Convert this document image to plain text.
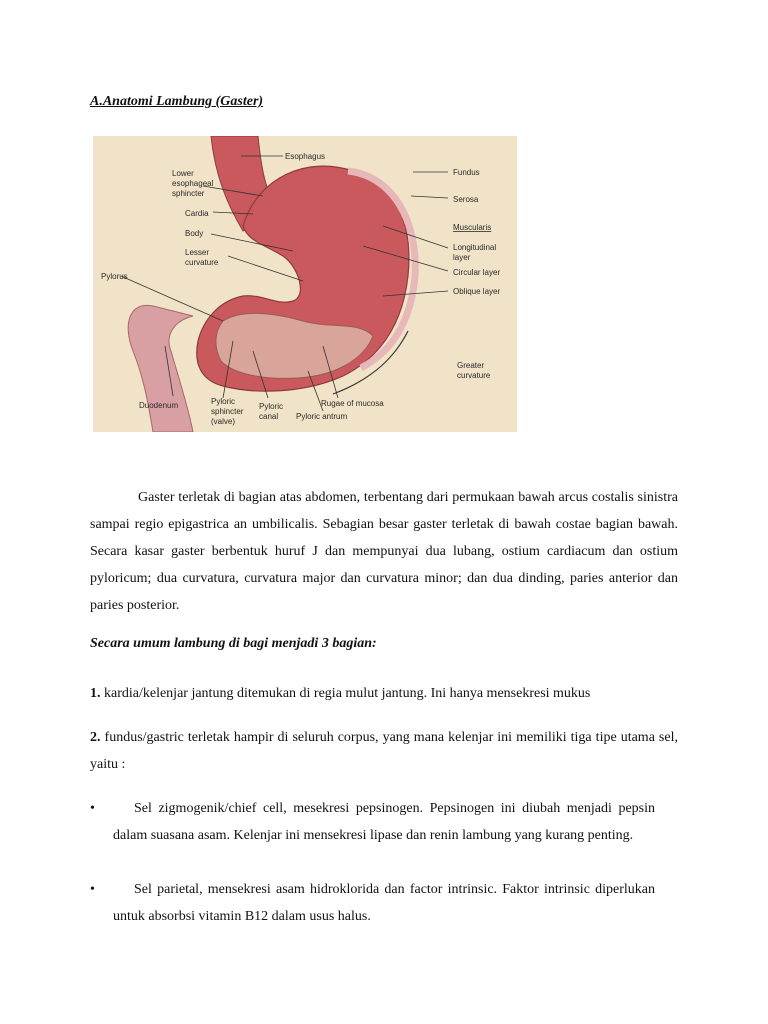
A.Anatomi Lambung (Gaster)
Esophagus
Lower
esophageal
sphincter
Cardia
Body
Lesser
curvature
Pylorus
Fundus
Serosa
Muscularis
Longitudinal
layer
Circular layer
Oblique layer
Greater
curvature
Duodenum	Pyloric
sphincter
(valve)
Pyloric
canal
Rugae of mucosa
Pyloric antrum
Gaster terletak di bagian atas abdomen, terbentang dari permukaan bawah arcus costalis sinistra sampai regio epigastrica an umbilicalis. Sebagian besar gaster terletak di bawah costae bagian bawah. Secara kasar gaster berbentuk huruf J dan mempunyai dua lubang, ostium cardiacum dan ostium pyloricum; dua curvatura, curvatura major dan curvatura minor; dan dua dinding, paries anterior dan paries posterior.
Secara umum lambung di bagi menjadi 3 bagian:
1. kardia/kelenjar jantung ditemukan di regia mulut jantung. Ini hanya mensekresi mukus
2. fundus/gastric terletak hampir di seluruh corpus, yang mana kelenjar ini memiliki tiga tipe utama sel, yaitu :
•	Sel zigmogenik/chief cell, mesekresi pepsinogen. Pepsinogen ini diubah menjadi pepsin dalam suasana asam. Kelenjar ini mensekresi lipase dan renin lambung yang kurang penting.
•	Sel parietal, mensekresi asam hidroklorida dan factor intrinsic. Faktor intrinsic diperlukan untuk absorbsi vitamin B12 dalam usus halus.
